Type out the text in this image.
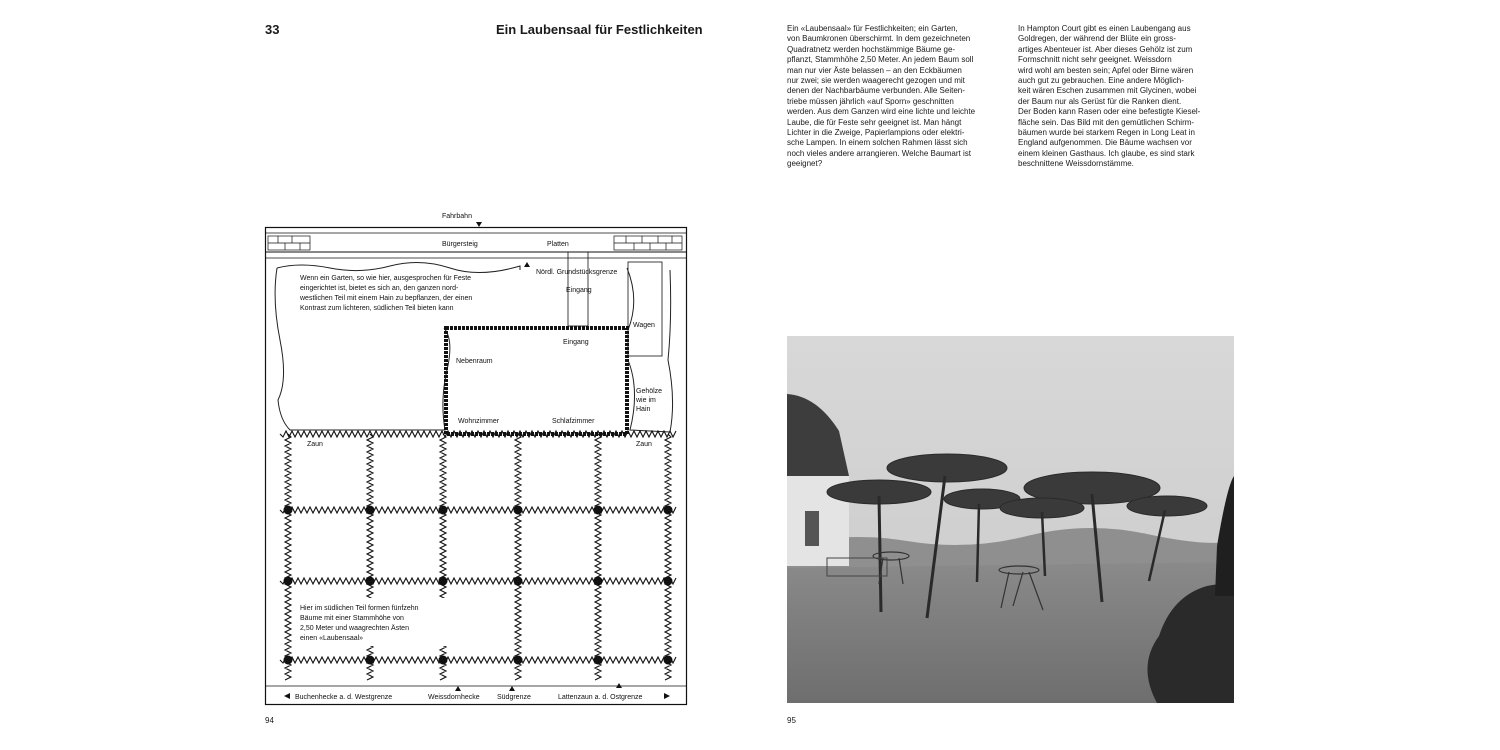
33	Ein Laubensaal für Festlichkeiten	Ein «Laubensaal» für Festlichkeiten; ein Garten,
von Baumkronen überschirmt. In dem gezeichneten
Quadratnetz werden hochstämmige Bäume ge-
pflanzt, Stammhöhe 2,50 Meter. An jedem Baum soll
man nur vier Äste belassen – an den Eckbäumen
nur zwei; sie werden waagerecht gezogen und mit
denen der Nachbarbäume verbunden. Alle Seiten-
triebe müssen jährlich «auf Sporn» geschnitten
werden. Aus dem Ganzen wird eine lichte und leichte
Laube, die für Feste sehr geeignet ist. Man hängt
Lichter in die Zweige, Papierlampions oder elektri-
sche Lampen. In einem solchen Rahmen lässt sich
noch vieles andere arrangieren. Welche Baumart ist
geeignet?
In Hampton Court gibt es einen Laubengang aus
Goldregen, der während der Blüte ein gross-
artiges Abenteuer ist. Aber dieses Gehölz ist zum
Formschnitt nicht sehr geeignet. Weissdorn
wird wohl am besten sein; Apfel oder Birne wären
auch gut zu gebrauchen. Eine andere Möglich-
keit wären Eschen zusammen mit Glycinen, wobei
der Baum nur als Gerüst für die Ranken dient.
Der Boden kann Rasen oder eine befestigte Kiesel-
fläche sein. Das Bild mit den gemütlichen Schirm-
bäumen wurde bei starkem Regen in Long Leat in
England aufgenommen. Die Bäume wachsen vor
einem kleinen Gasthaus. Ich glaube, es sind stark
beschnittene Weissdornstämme.
Fahrbahn
Bürgersteig	Platten
Nördl. Grundstücksgrenze
Eingang
Wagen
Wenn ein Garten, so wie hier, ausgesprochen für Feste eingerichtet ist, bietet es sich an, den ganzen nord- westlichen Teil mit einem Hain zu bepflanzen, der einen Kontrast zum lichteren, südlichen Teil bieten kann
Eingang
Nebenraum
Wohnzimmer	Schlafzimmer
Gehölze wie im Hain
Zaun	Zaun
Hier im südlichen Teil formen fünfzehn Bäume mit einer Stammhöhe von 2,50 Meter und waagrechten Ästen einen «Laubensaal»
Buchenhecke a. d. Westgrenze	Weissdornhecke Südgrenze	Lattenzaun a. d. Ostgrenze
94	95
